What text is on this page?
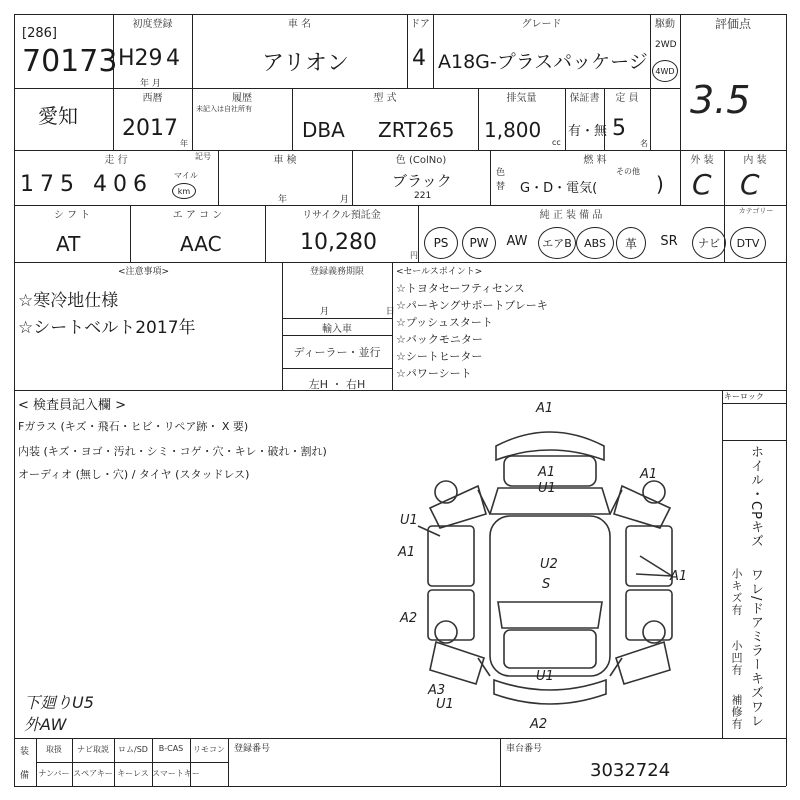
[286]
70173
初度登録
H29 4
年 月
車 名
アリオン
ドア
4
グレード
A18G-プラスパッケージ
駆動
2WD
4WD
評価点
3.5
愛知
西暦
2017
年
履歴
未記入は自社所有
型 式
DBA ZRT265
排気量
1,800
cc
保証書
有・無
定 員
5
名
走 行
175 406	マイル
km
記号	車 検
年 月
色 (ColNo)
ブラック
221
色替
燃 料
G・D・電気(
その他
)
外 装
C
内 装
C
シ フ ト
AT
エ ア コ ン
AAC
リサイクル預託金
10,280
円
純 正 装 備 品	カテゴリー
PS PW	AW	エアB ABS 革	SR	ナビ DTV
<注意事項>
☆寒冷地仕様
☆シートベルト2017年
登録義務期限
月 日
輸入車
ディーラー・並行
左H ・ 右H
<セールスポイント>
☆トヨタセーフティセンス
☆パーキングサポートブレーキ
☆プッシュスタート
☆バックモニター
☆シートヒーター
☆パワーシート
< 検査員記入欄 >
Fガラス (キズ・飛石・ヒビ・リペア跡・ X 要)
内装 (キズ・ヨゴ・汚れ・シミ・コゲ・穴・キレ・破れ・割れ)
オーディオ (無し・穴) / タイヤ (スタッドレス)
キーロック
ホイル・CPキズ
ワレ/ドアミラーキズ
ワレ
小キズ有
小凹有
補修有
下廻りU5
外AW
A1
A1
A1
U1
U1
A1
U2
S
A1
A2
U1
A3
U1
A2
装
備
取扱	ナビ取説	ロム/SD	B-CAS	リモコン
ナンバー スペアキー キーレス スマートキー
登録番号	車台番号
3032724
